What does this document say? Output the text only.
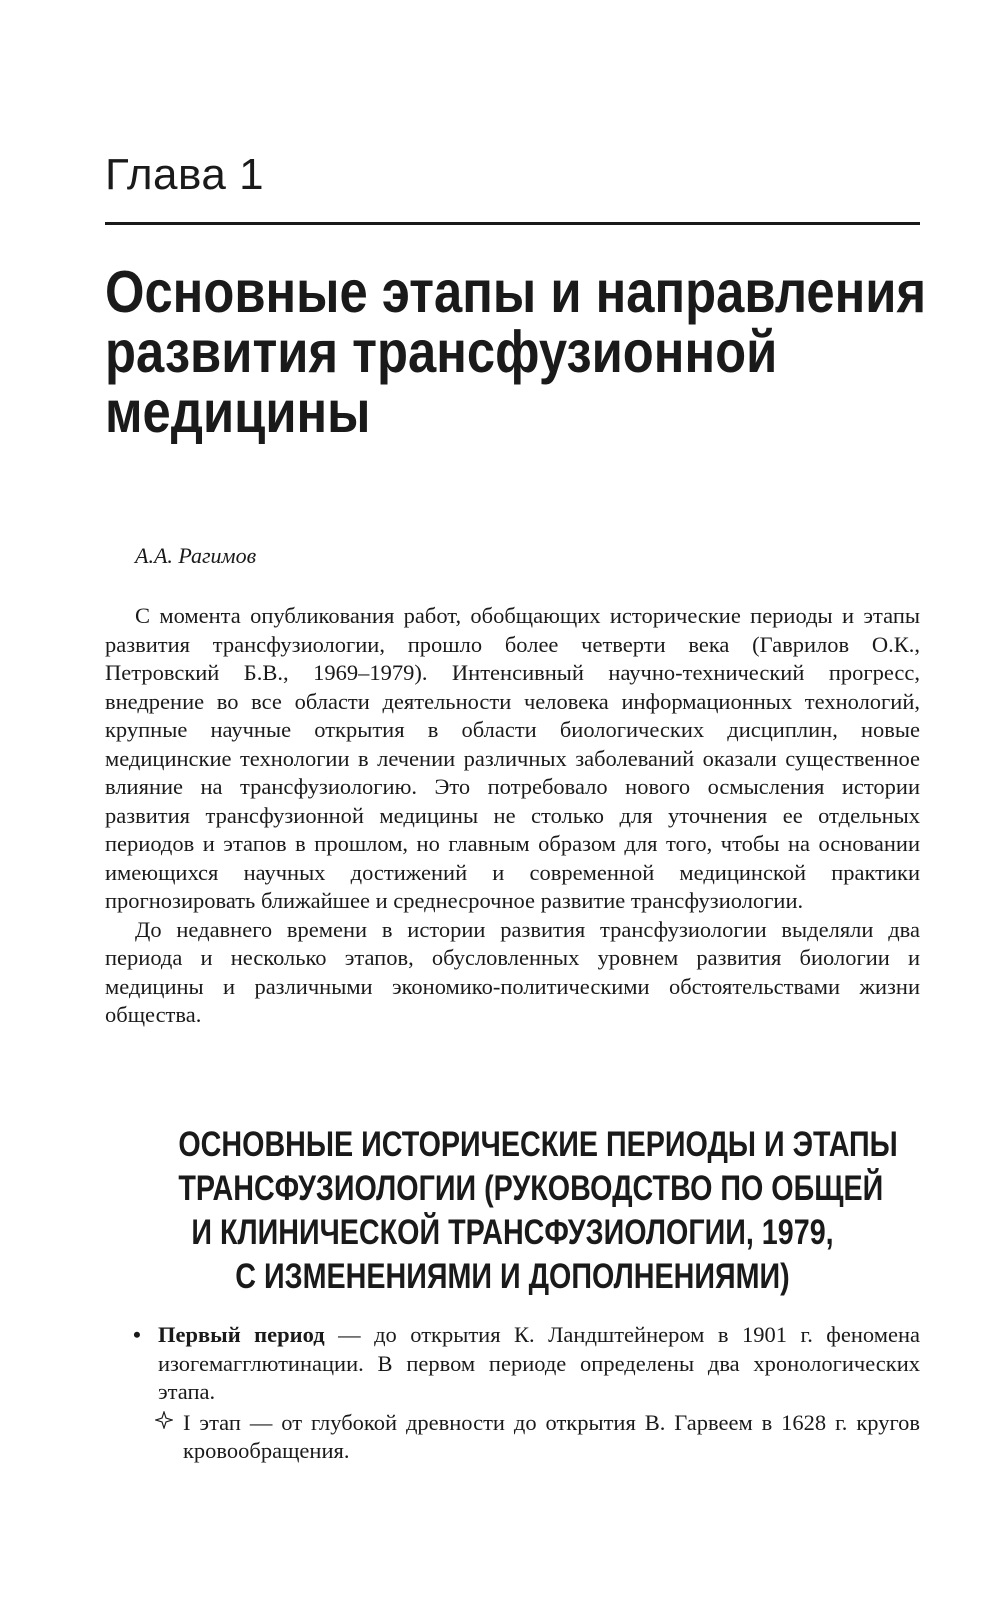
Глава 1
Основные этапы и направления
развития трансфузионной
медицины
А.А. Рагимов

С момента опубликования работ, обобщающих исторические периоды и этапы развития трансфузиологии, прошло более четверти века (Гаврилов О.К., Петровский Б.В., 1969–1979). Интенсивный научно-технический прогресс, внедрение во все области деятельности человека информационных технологий, крупные научные открытия в области биологических дисциплин, новые медицинские технологии в лечении различных заболеваний оказали существенное влияние на трансфузиологию. Это потребовало нового осмысления истории развития трансфузионной медицины не столько для уточнения ее отдельных периодов и этапов в прошлом, но главным образом для того, чтобы на основании имеющихся научных достижений и современной медицинской практики прогнозировать ближайшее и среднесрочное развитие трансфузиологии.

До недавнего времени в истории развития трансфузиологии выделяли два периода и несколько этапов, обусловленных уровнем развития биологии и медицины и различными экономико-политическими обстоятельствами жизни общества.

ОСНОВНЫЕ ИСТОРИЧЕСКИЕ ПЕРИОДЫ И ЭТАПЫ
ТРАНСФУЗИОЛОГИИ (РУКОВОДСТВО ПО ОБЩЕЙ
И КЛИНИЧЕСКОЙ ТРАНСФУЗИОЛОГИИ, 1979,
С ИЗМЕНЕНИЯМИ И ДОПОЛНЕНИЯМИ)
• Первый период — до открытия К. Ландштейнером в 1901 г. феномена изогемагглютинации. В первом периоде определены два хронологических этапа.
I этап — от глубокой древности до открытия В. Гарвеем в 1628 г. кругов кровообращения.
